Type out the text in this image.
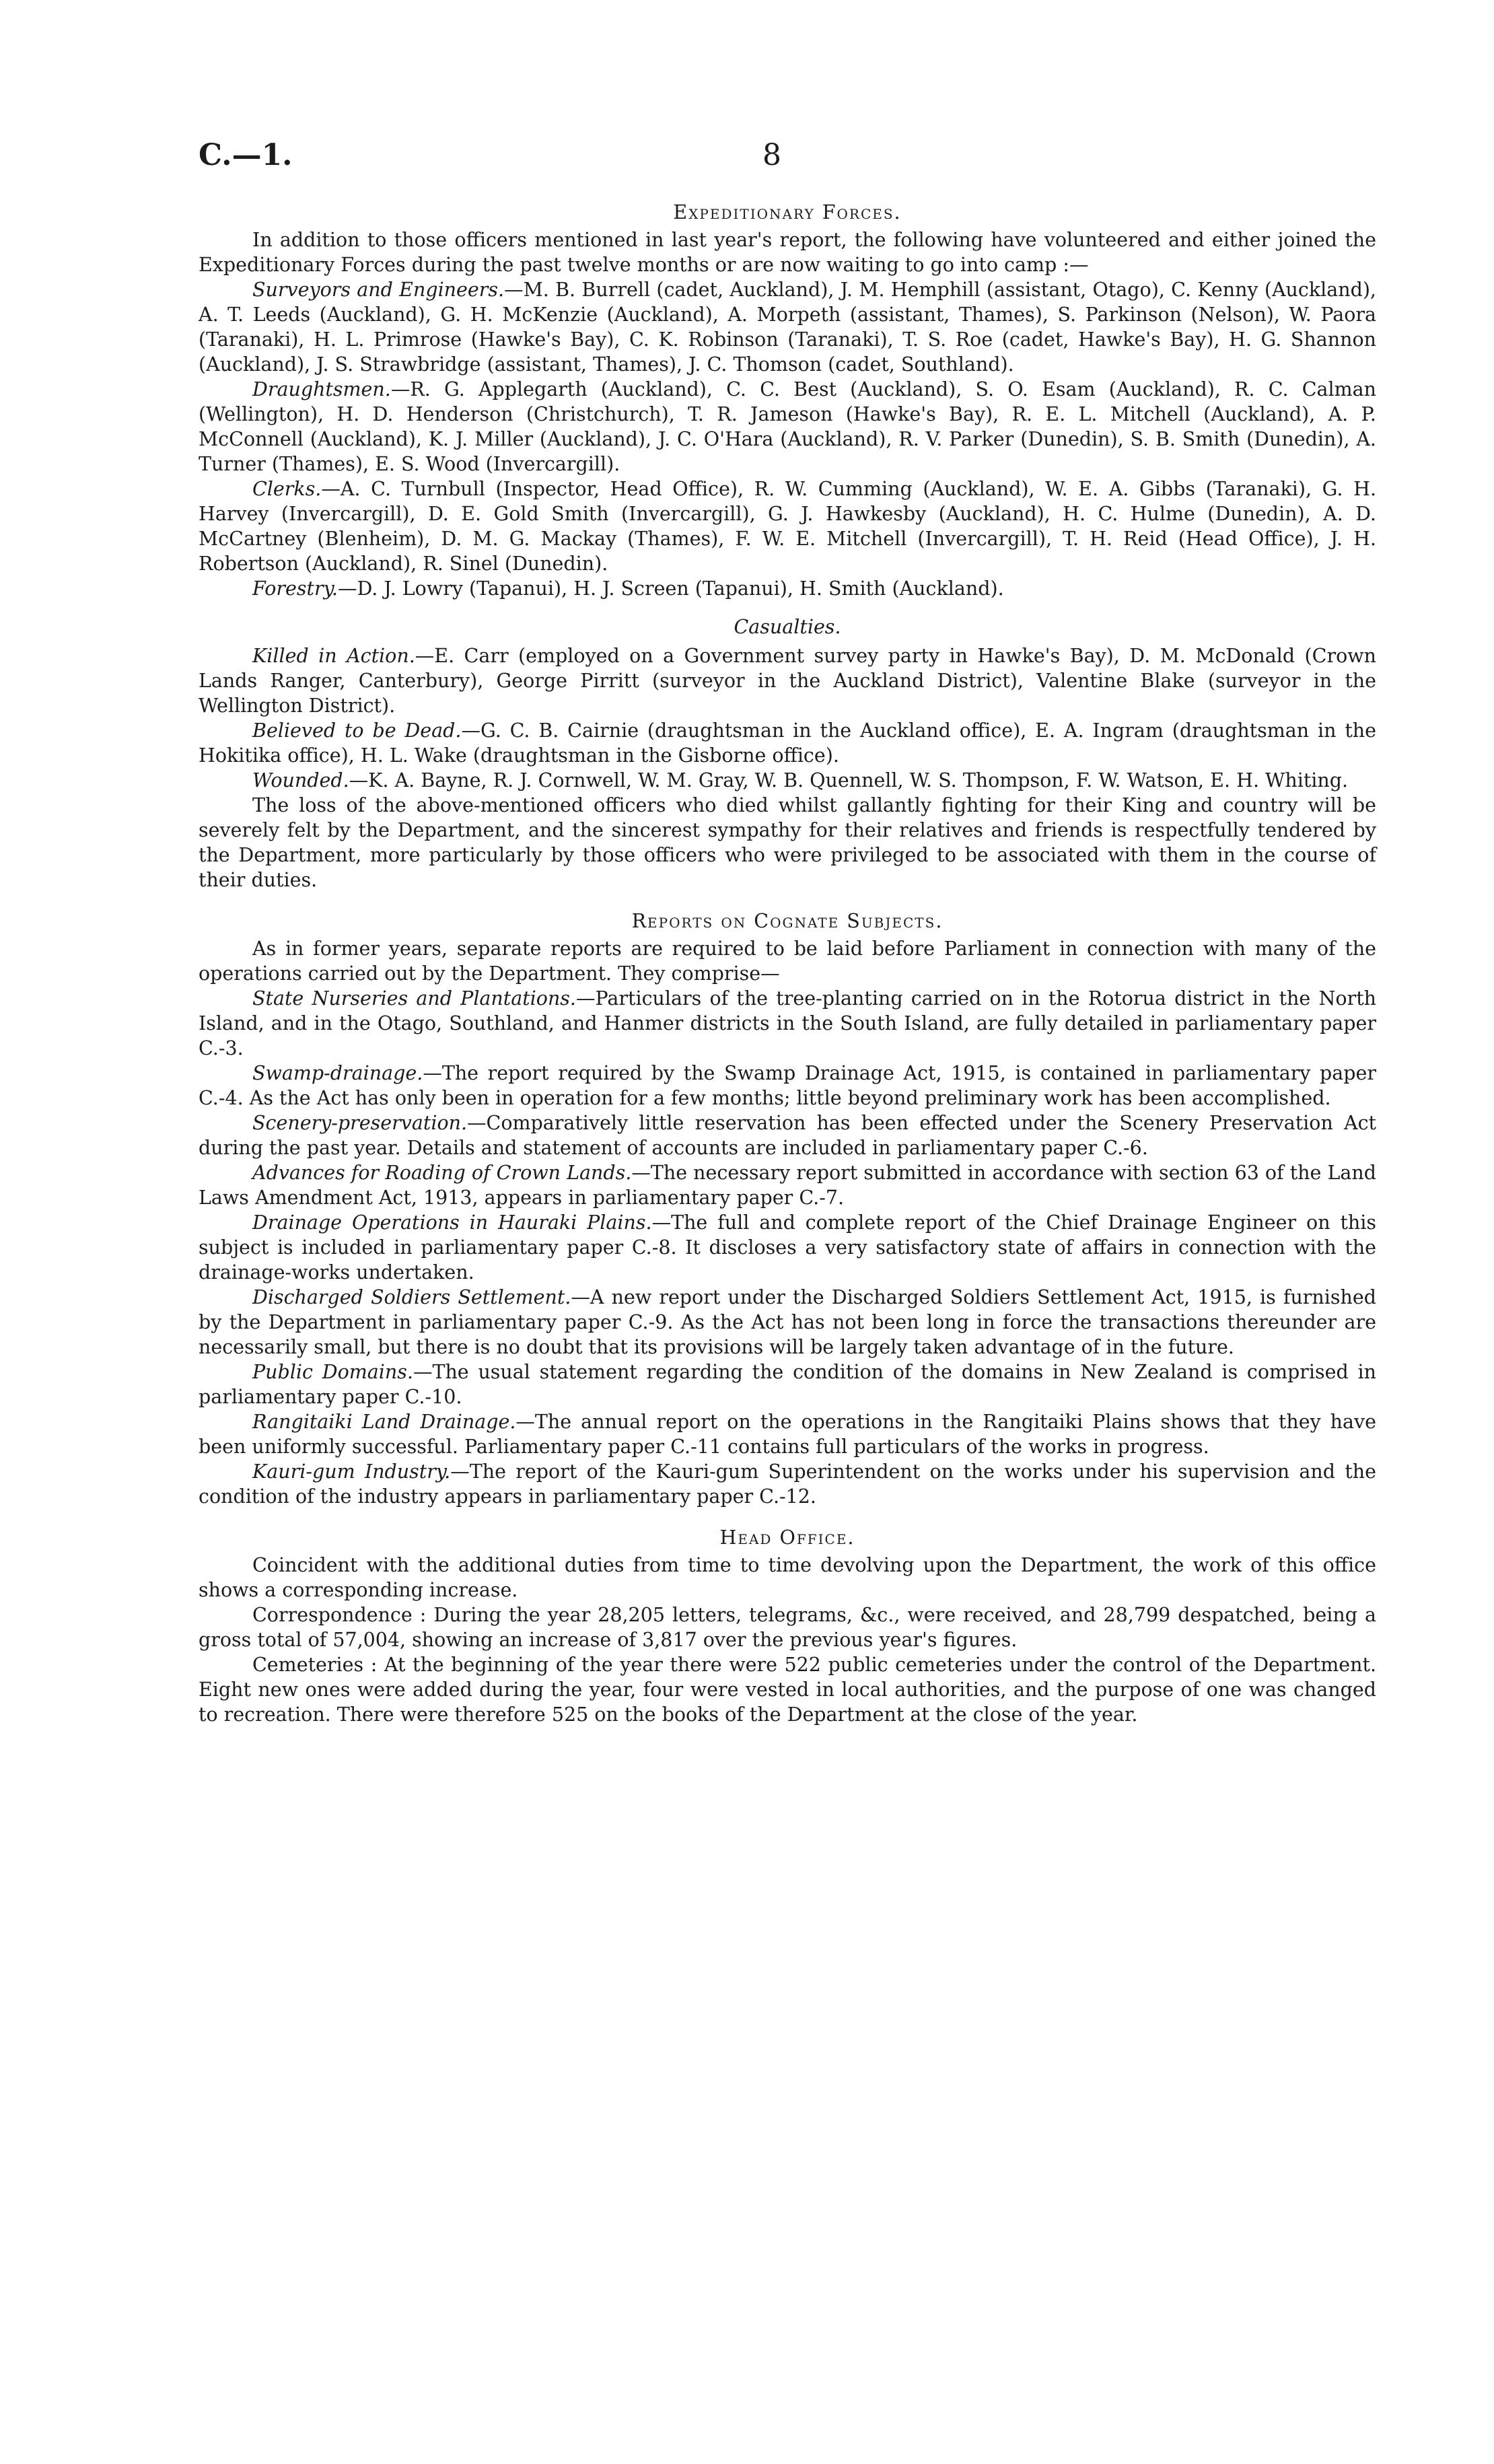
C.—1.	8
Expeditionary Forces.

In addition to those officers mentioned in last year's report, the following have volunteered and either joined the Expeditionary Forces during the past twelve months or are now waiting to go into camp :—

Surveyors and Engineers.—M. B. Burrell (cadet, Auckland), J. M. Hemphill (assistant, Otago), C. Kenny (Auckland), A. T. Leeds (Auckland), G. H. McKenzie (Auckland), A. Morpeth (assistant, Thames), S. Parkinson (Nelson), W. Paora (Taranaki), H. L. Primrose (Hawke's Bay), C. K. Robinson (Taranaki), T. S. Roe (cadet, Hawke's Bay), H. G. Shannon (Auckland), J. S. Strawbridge (assistant, Thames), J. C. Thomson (cadet, Southland).

Draughtsmen.—R. G. Applegarth (Auckland), C. C. Best (Auckland), S. O. Esam (Auckland), R. C. Calman (Wellington), H. D. Henderson (Christchurch), T. R. Jameson (Hawke's Bay), R. E. L. Mitchell (Auckland), A. P. McConnell (Auckland), K. J. Miller (Auckland), J. C. O'Hara (Auckland), R. V. Parker (Dunedin), S. B. Smith (Dunedin), A. Turner (Thames), E. S. Wood (Invercargill).

Clerks.—A. C. Turnbull (Inspector, Head Office), R. W. Cumming (Auckland), W. E. A. Gibbs (Taranaki), G. H. Harvey (Invercargill), D. E. Gold Smith (Invercargill), G. J. Hawkesby (Auckland), H. C. Hulme (Dunedin), A. D. McCartney (Blenheim), D. M. G. Mackay (Thames), F. W. E. Mitchell (Invercargill), T. H. Reid (Head Office), J. H. Robertson (Auckland), R. Sinel (Dunedin).

Forestry.—D. J. Lowry (Tapanui), H. J. Screen (Tapanui), H. Smith (Auckland).

Casualties.

Killed in Action.—E. Carr (employed on a Government survey party in Hawke's Bay), D. M. McDonald (Crown Lands Ranger, Canterbury), George Pirritt (surveyor in the Auckland District), Valentine Blake (surveyor in the Wellington District).

Believed to be Dead.—G. C. B. Cairnie (draughtsman in the Auckland office), E. A. Ingram (draughtsman in the Hokitika office), H. L. Wake (draughtsman in the Gisborne office).

Wounded.—K. A. Bayne, R. J. Cornwell, W. M. Gray, W. B. Quennell, W. S. Thompson, F. W. Watson, E. H. Whiting.

The loss of the above-mentioned officers who died whilst gallantly fighting for their King and country will be severely felt by the Department, and the sincerest sympathy for their relatives and friends is respectfully tendered by the Department, more particularly by those officers who were privileged to be associated with them in the course of their duties.

Reports on Cognate Subjects.

As in former years, separate reports are required to be laid before Parliament in connection with many of the operations carried out by the Department. They comprise—

State Nurseries and Plantations.—Particulars of the tree-planting carried on in the Rotorua district in the North Island, and in the Otago, Southland, and Hanmer districts in the South Island, are fully detailed in parliamentary paper C.-3.

Swamp-drainage.—The report required by the Swamp Drainage Act, 1915, is contained in parliamentary paper C.-4. As the Act has only been in operation for a few months; little beyond preliminary work has been accomplished.

Scenery-preservation.—Comparatively little reservation has been effected under the Scenery Preservation Act during the past year. Details and statement of accounts are included in parliamentary paper C.-6.

Advances for Roading of Crown Lands.—The necessary report submitted in accordance with section 63 of the Land Laws Amendment Act, 1913, appears in parliamentary paper C.-7.

Drainage Operations in Hauraki Plains.—The full and complete report of the Chief Drainage Engineer on this subject is included in parliamentary paper C.-8. It discloses a very satisfactory state of affairs in connection with the drainage-works undertaken.

Discharged Soldiers Settlement.—A new report under the Discharged Soldiers Settlement Act, 1915, is furnished by the Department in parliamentary paper C.-9. As the Act has not been long in force the transactions thereunder are necessarily small, but there is no doubt that its provisions will be largely taken advantage of in the future.

Public Domains.—The usual statement regarding the condition of the domains in New Zealand is comprised in parliamentary paper C.-10.

Rangitaiki Land Drainage.—The annual report on the operations in the Rangitaiki Plains shows that they have been uniformly successful. Parliamentary paper C.-11 contains full particulars of the works in progress.

Kauri-gum Industry.—The report of the Kauri-gum Superintendent on the works under his supervision and the condition of the industry appears in parliamentary paper C.-12.

Head Office.

Coincident with the additional duties from time to time devolving upon the Department, the work of this office shows a corresponding increase.

Correspondence : During the year 28,205 letters, telegrams, &c., were received, and 28,799 despatched, being a gross total of 57,004, showing an increase of 3,817 over the previous year's figures.

Cemeteries : At the beginning of the year there were 522 public cemeteries under the control of the Department. Eight new ones were added during the year, four were vested in local authorities, and the purpose of one was changed to recreation. There were therefore 525 on the books of the Department at the close of the year.
